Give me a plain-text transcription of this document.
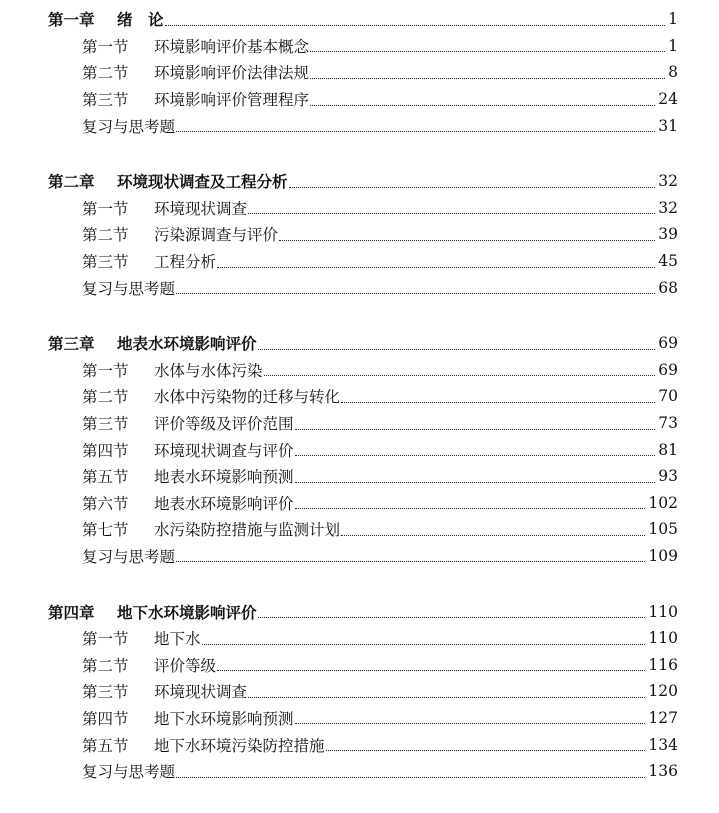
第一章	绪　论	1
第一节	环境影响评价基本概念	1
第二节	环境影响评价法律法规	8
第三节	环境影响评价管理程序	24
复习与思考题	31
第二章	环境现状调查及工程分析	32
第一节	环境现状调查	32
第二节	污染源调查与评价	39
第三节	工程分析	45
复习与思考题	68
第三章	地表水环境影响评价	69
第一节	水体与水体污染	69
第二节	水体中污染物的迁移与转化	70
第三节	评价等级及评价范围	73
第四节	环境现状调查与评价	81
第五节	地表水环境影响预测	93
第六节	地表水环境影响评价	102
第七节	水污染防控措施与监测计划	105
复习与思考题	109
第四章	地下水环境影响评价	110
第一节	地下水	110
第二节	评价等级	116
第三节	环境现状调查	120
第四节	地下水环境影响预测	127
第五节	地下水环境污染防控措施	134
复习与思考题	136
